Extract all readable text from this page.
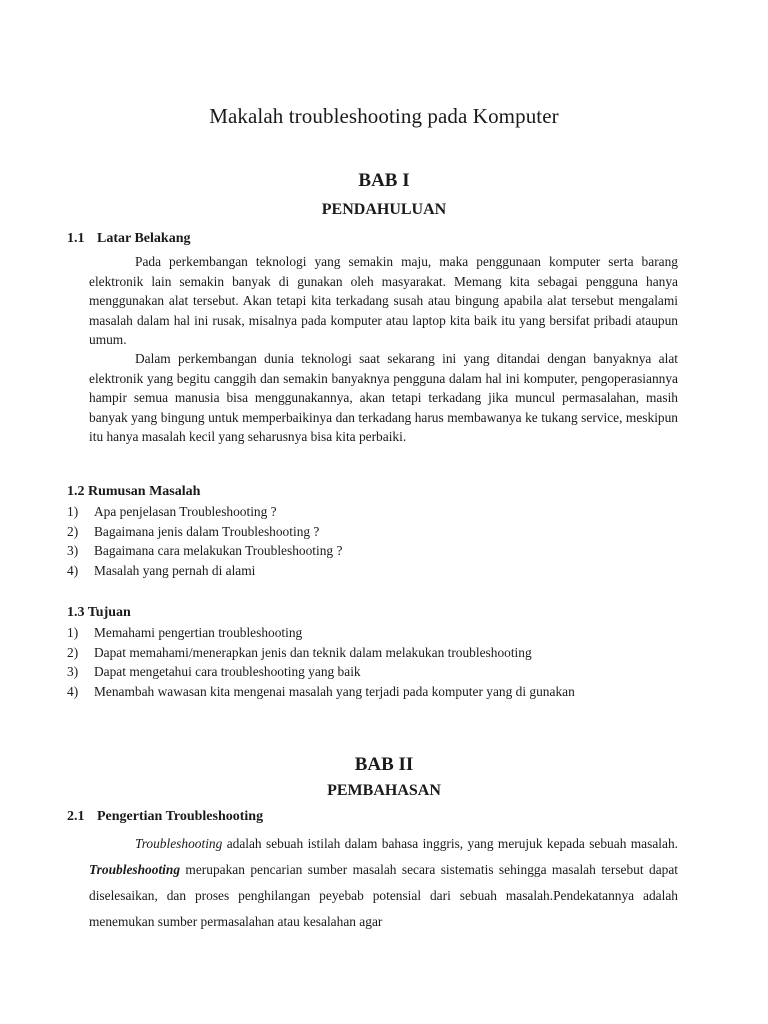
Makalah troubleshooting pada Komputer
BAB I
PENDAHULUAN
1.1 Latar Belakang

Pada perkembangan teknologi yang semakin maju, maka penggunaan komputer serta barang elektronik lain semakin banyak di gunakan oleh masyarakat. Memang kita sebagai pengguna hanya menggunakan alat tersebut. Akan tetapi kita terkadang susah atau bingung apabila alat tersebut mengalami masalah dalam hal ini rusak, misalnya pada komputer atau laptop kita baik itu yang bersifat pribadi ataupun umum.

Dalam perkembangan dunia teknologi saat sekarang ini yang ditandai dengan banyaknya alat elektronik yang begitu canggih dan semakin banyaknya pengguna dalam hal ini komputer, pengoperasiannya hampir semua manusia bisa menggunakannya, akan tetapi terkadang jika muncul permasalahan, masih banyak yang bingung untuk memperbaikinya dan terkadang harus membawanya ke tukang service, meskipun itu hanya masalah kecil yang seharusnya bisa kita perbaiki.

1.2 Rumusan Masalah
1) Apa penjelasan Troubleshooting ?
2) Bagaimana jenis dalam Troubleshooting ?
3) Bagaimana cara melakukan Troubleshooting ?
4) Masalah yang pernah di alami
1.3 Tujuan
1) Memahami pengertian troubleshooting
2) Dapat memahami/menerapkan jenis dan teknik dalam melakukan troubleshooting
3) Dapat mengetahui cara troubleshooting yang baik
4) Menambah wawasan kita mengenai masalah yang terjadi pada komputer yang di gunakan
BAB II
PEMBAHASAN
2.1 Pengertian Troubleshooting

Troubleshooting adalah sebuah istilah dalam bahasa inggris, yang merujuk kepada sebuah masalah. Troubleshooting merupakan pencarian sumber masalah secara sistematis sehingga masalah tersebut dapat diselesaikan, dan proses penghilangan peyebab potensial dari sebuah masalah.Pendekatannya adalah menemukan sumber permasalahan atau kesalahan agar
